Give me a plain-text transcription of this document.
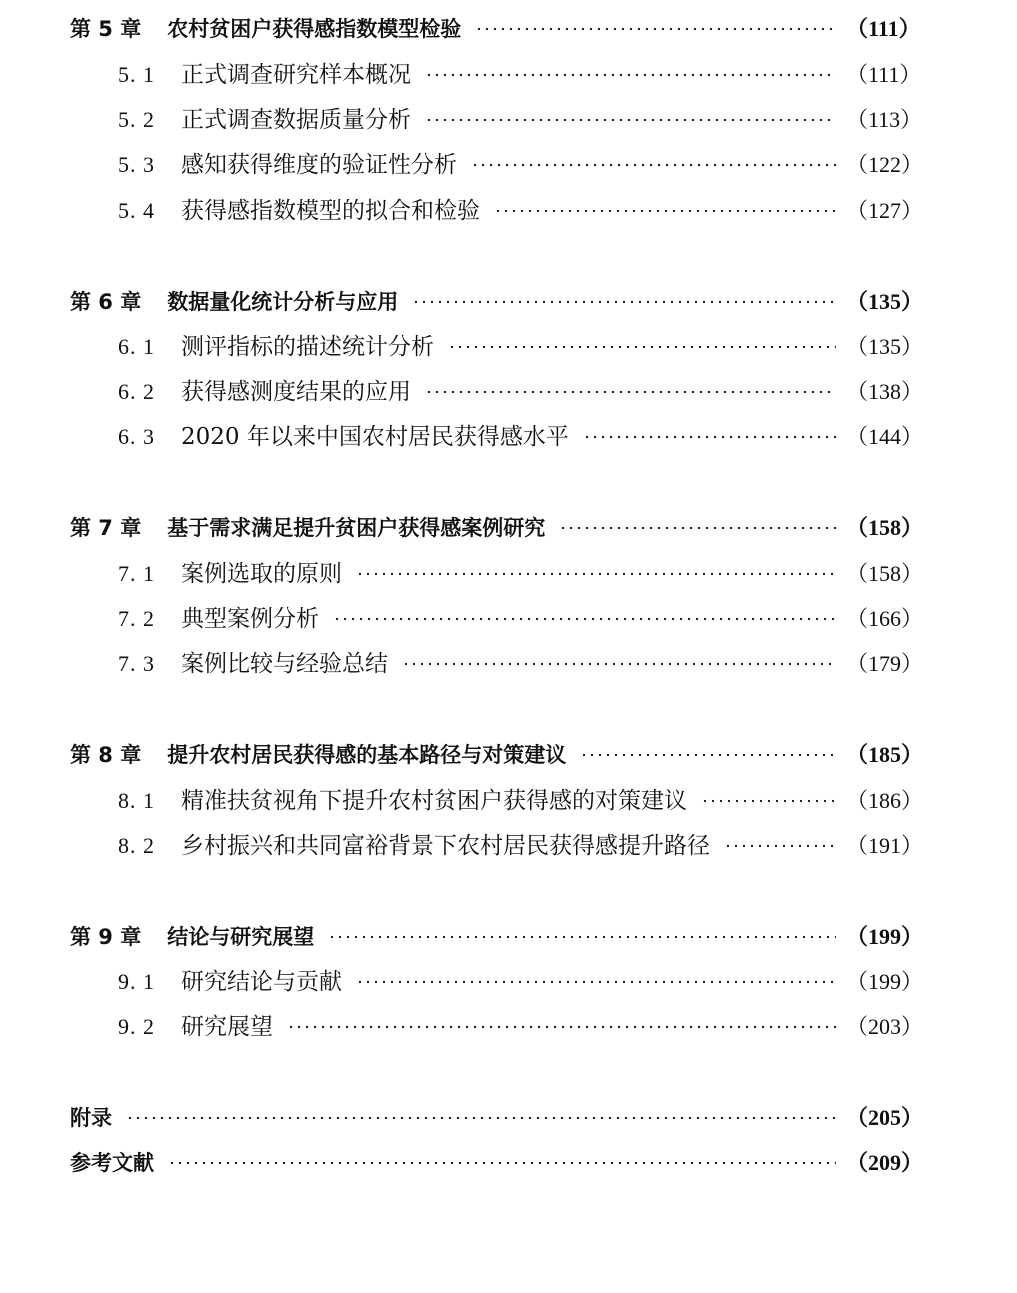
第 5 章 农村贫困户获得感指数模型检验	（111）
5. 1 正式调查研究样本概况	（111）
5. 2 正式调查数据质量分析	（113）
5. 3 感知获得维度的验证性分析	（122）
5. 4 获得感指数模型的拟合和检验	（127）
第 6 章 数据量化统计分析与应用	（135）
6. 1 测评指标的描述统计分析	（135）
6. 2 获得感测度结果的应用	（138）
6. 3 2020 年以来中国农村居民获得感水平	（144）
第 7 章 基于需求满足提升贫困户获得感案例研究	（158）
7. 1 案例选取的原则	（158）
7. 2 典型案例分析	（166）
7. 3 案例比较与经验总结	（179）
第 8 章 提升农村居民获得感的基本路径与对策建议	（185）
8. 1 精准扶贫视角下提升农村贫困户获得感的对策建议	（186）
8. 2 乡村振兴和共同富裕背景下农村居民获得感提升路径	（191）
第 9 章 结论与研究展望	（199）
9. 1 研究结论与贡献	（199）
9. 2 研究展望	（203）
附录	（205）
参考文献	（209）
